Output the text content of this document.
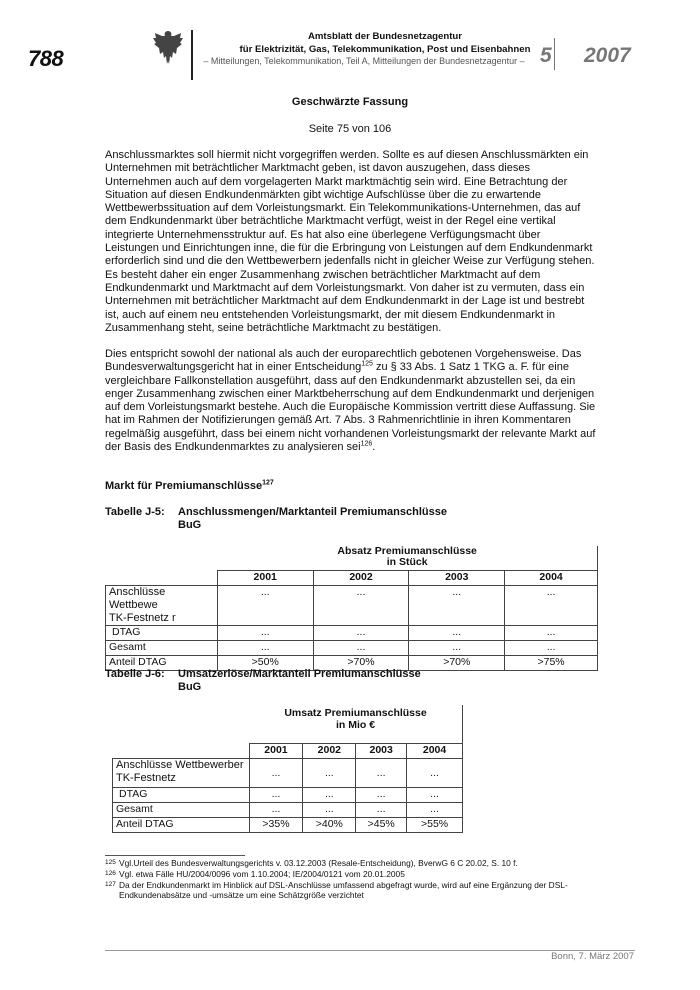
788
Amtsblatt der Bundesnetzagentur
für Elektrizität, Gas, Telekommunikation, Post und Eisenbahnen
– Mitteilungen, Telekommunikation, Teil A, Mitteilungen der Bundesnetzagentur – 5 2007
Geschwärzte Fassung
Seite 75 von 106

Anschlussmarktes soll hiermit nicht vorgegriffen werden. Sollte es auf diesen Anschlussmärkten ein Unternehmen mit beträchtlicher Marktmacht geben, ist davon auszugehen, dass dieses Unternehmen auch auf dem vorgelagerten Markt marktmächtig sein wird. Eine Betrachtung der Situation auf diesen Endkundenmärkten gibt wichtige Aufschlüsse über die zu erwartende Wettbewerbssituation auf dem Vorleistungsmarkt. Ein Telekommunikations-Unternehmen, das auf dem Endkundenmarkt über beträchtliche Marktmacht verfügt, weist in der Regel eine vertikal integrierte Unternehmensstruktur auf. Es hat also eine überlegene Verfügungsmacht über Leistungen und Einrichtungen inne, die für die Erbringung von Leistungen auf dem Endkundenmarkt erforderlich sind und die den Wettbewerbern jedenfalls nicht in gleicher Weise zur Verfügung stehen. Es besteht daher ein enger Zusammenhang zwischen beträchtlicher Marktmacht auf dem Endkundenmarkt und Marktmacht auf dem Vorleistungsmarkt. Von daher ist zu vermuten, dass ein Unternehmen mit beträchtlicher Marktmacht auf dem Endkundenmarkt in der Lage ist und bestrebt ist, auch auf einem neu entstehenden Vorleistungsmarkt, der mit diesem Endkundenmarkt in Zusammenhang steht, seine beträchtliche Marktmacht zu bestätigen.

Dies entspricht sowohl der national als auch der europarechtlich gebotenen Vorgehensweise. Das Bundesverwaltungsgericht hat in einer Entscheidung$^{125}$ zu § 33 Abs. 1 Satz 1 TKG a. F. für eine vergleichbare Fallkonstellation ausgeführt, dass auf den Endkundenmarkt abzustellen sei, da ein enger Zusammenhang zwischen einer Marktbeherrschung auf dem Endkundenmarkt und derjenigen auf dem Vorleistungsmarkt bestehe. Auch die Europäische Kommission vertritt diese Auffassung. Sie hat im Rahmen der Notifizierungen gemäß Art. 7 Abs. 3 Rahmenrichtlinie in ihren Kommentaren regelmäßig ausgeführt, dass bei einem nicht vorhandenen Vorleistungsmarkt der relevante Markt auf der Basis des Endkundenmarktes zu analysieren sei$^{126}$.

Markt für Premiumanschlüsse$^{127}$
Tabelle J-5: Anschlussmengen/Marktanteil Premiumanschlüsse
BuG
	Absatz Premiumanschlüsse
in Stück			
	2001	2002	2003	2004
Anschlüsse Wettbewe
TK-Festnetz r	...	...	...	...
DTAG	...	...	...	...
Gesamt	...	...	...	...
Anteil DTAG	>50%	>70%	>70%	>75%
Tabelle J-6: Umsatzerlöse/Marktanteil Premiumanschlüsse
BuG
	Umsatz Premiumanschlüsse
in Mio €			
	2001	2002	2003	2004
Anschlüsse Wettbewerber
TK-Festnetz	...	...	...	...
DTAG	...	...	...	...
Gesamt	...	...	...	...
Anteil DTAG	>35%	>40%	>45%	>55%
125 Vgl.Urteil des Bundesverwaltungsgerichts v. 03.12.2003 (Resale-Entscheidung), BverwG 6 C 20.02, S. 10 f.
126 Vgl. etwa Fälle HU/2004/0096 vom 1.10.2004; IE/2004/0121 vom 20.01.2005
127 Da der Endkundenmarkt im Hinblick auf DSL-Anschlüsse umfassend abgefragt wurde, wird auf eine Ergänzung der DSL-Endkundenabsätze und -umsätze um eine Schätzgröße verzichtet
Bonn, 7. März 2007
